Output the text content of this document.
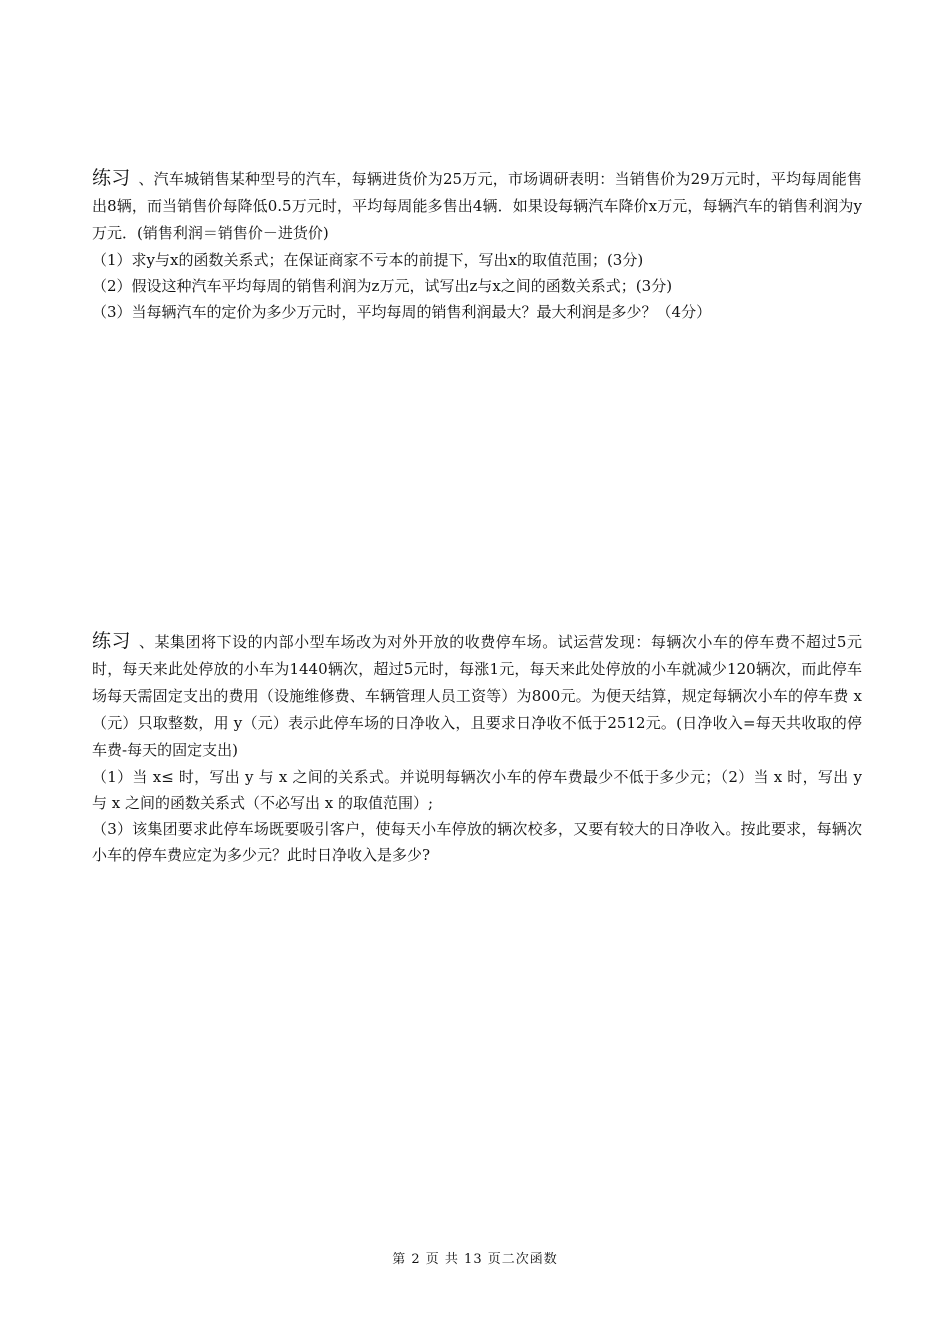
练习 、汽车城销售某种型号的汽车，每辆进货价为25万元，市场调研表明：当销售价为29万元时，平均每周能售出8辆，而当销售价每降低0.5万元时，平均每周能多售出4辆．如果设每辆汽车降价x万元，每辆汽车的销售利润为y万元．(销售利润＝销售价－进货价)

（1）求y与x的函数关系式；在保证商家不亏本的前提下，写出x的取值范围；(3分)

（2）假设这种汽车平均每周的销售利润为z万元，试写出z与x之间的函数关系式；(3分)

（3）当每辆汽车的定价为多少万元时，平均每周的销售利润最大？最大利润是多少？（4分）

练习 、某集团将下设的内部小型车场改为对外开放的收费停车场。试运营发现：每辆次小车的停车费不超过5元时，每天来此处停放的小车为1440辆次，超过5元时，每涨1元，每天来此处停放的小车就减少120辆次，而此停车场每天需固定支出的费用（设施维修费、车辆管理人员工资等）为800元。为便天结算，规定每辆次小车的停车费 x（元）只取整数，用 y（元）表示此停车场的日净收入，且要求日净收不低于2512元。(日净收入=每天共收取的停车费-每天的固定支出)

（1）当 x≤ 时，写出 y 与 x 之间的关系式。并说明每辆次小车的停车费最少不低于多少元；（2）当 x 时，写出 y 与 x 之间的函数关系式（不必写出 x 的取值范围）;

（3）该集团要求此停车场既要吸引客户，使每天小车停放的辆次校多，又要有较大的日净收入。按此要求，每辆次小车的停车费应定为多少元？此时日净收入是多少?

第 2 页 共 13 页二次函数
